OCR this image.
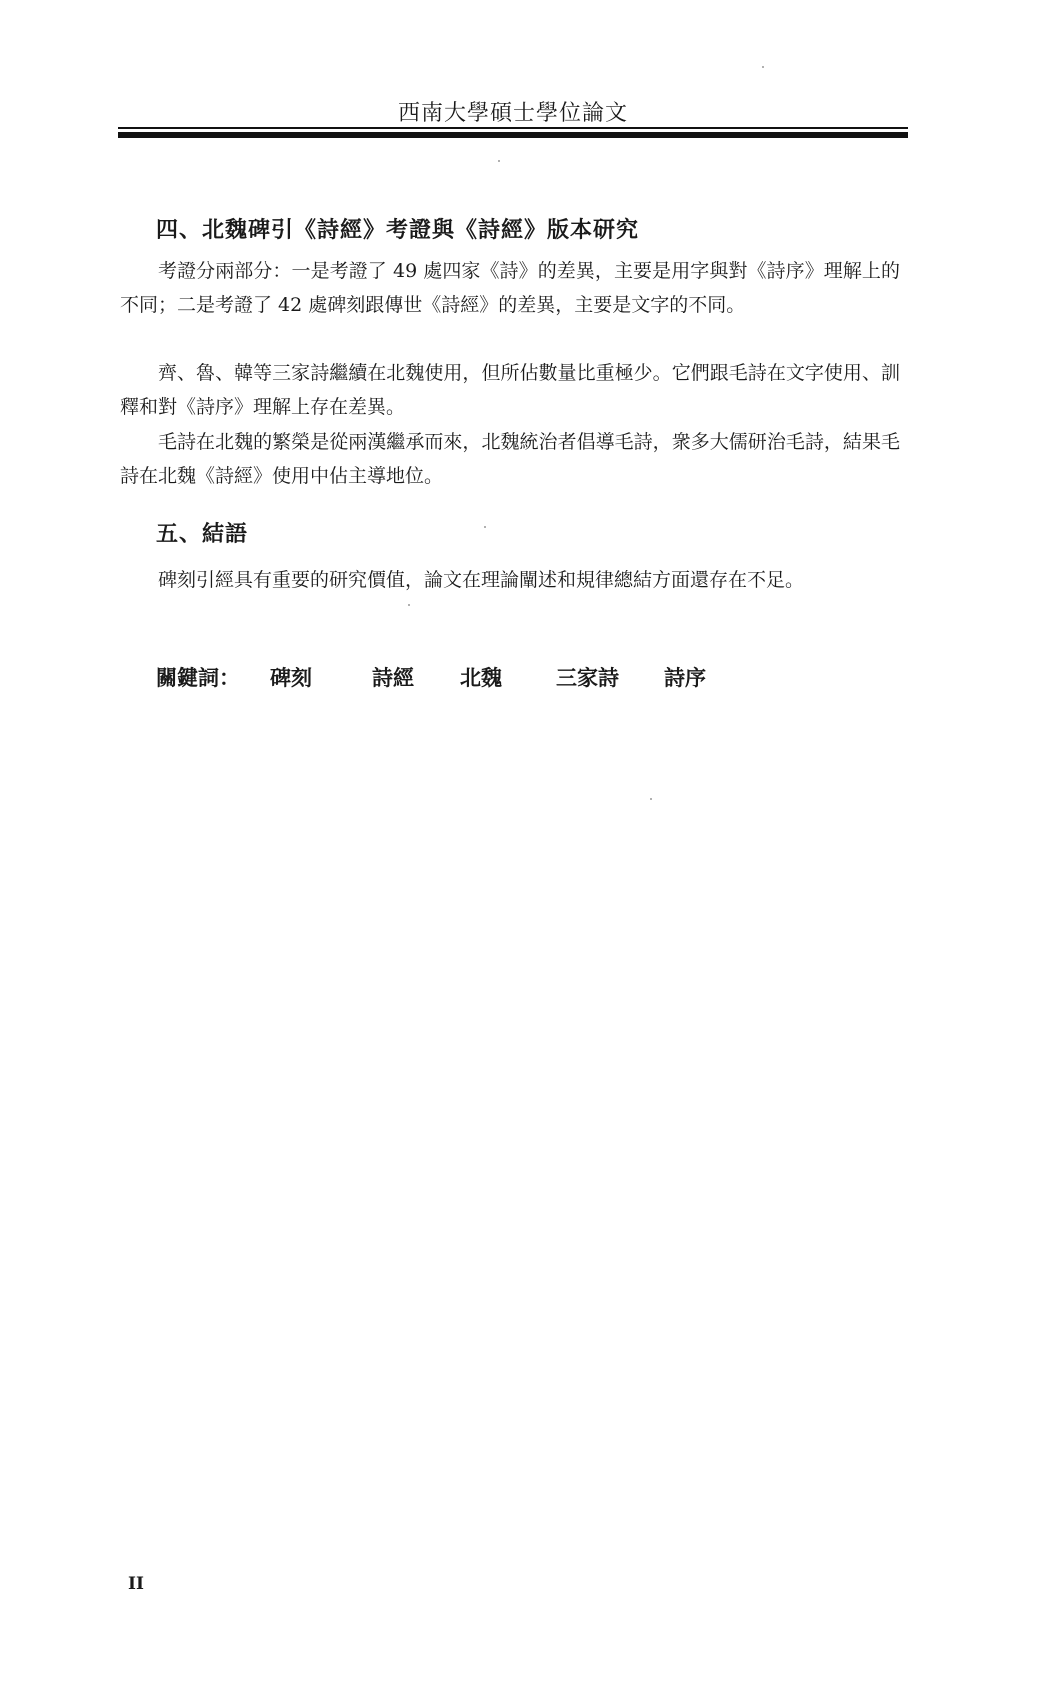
西南大學碩士學位論文
四、北魏碑引《詩經》考證與《詩經》版本研究

考證分兩部分：一是考證了 49 處四家《詩》的差異，主要是用字與對《詩序》理解上的不同；二是考證了 42 處碑刻跟傳世《詩經》的差異，主要是文字的不同。

齊、魯、韓等三家詩繼續在北魏使用，但所佔數量比重極少。它們跟毛詩在文字使用、訓釋和對《詩序》理解上存在差異。

毛詩在北魏的繁榮是從兩漢繼承而來，北魏統治者倡導毛詩，衆多大儒研治毛詩，結果毛詩在北魏《詩經》使用中佔主導地位。

五、結語

碑刻引經具有重要的研究價值，論文在理論闡述和規律總結方面還存在不足。

關鍵詞： 碑刻	詩經 北魏	三家詩 詩序
II
